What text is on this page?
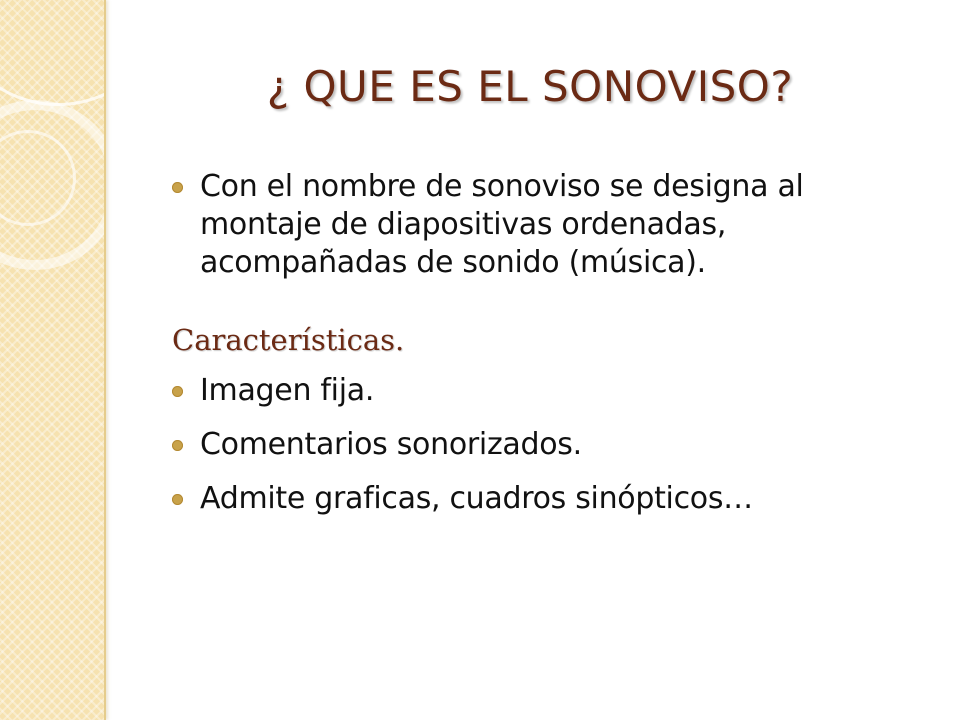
¿ QUE ES EL SONOVISO?
Con el nombre de sonoviso se designa al montaje de diapositivas ordenadas, acompañadas de sonido (música).
Características.
Imagen fija.
Comentarios sonorizados.
Admite graficas, cuadros sinópticos…
